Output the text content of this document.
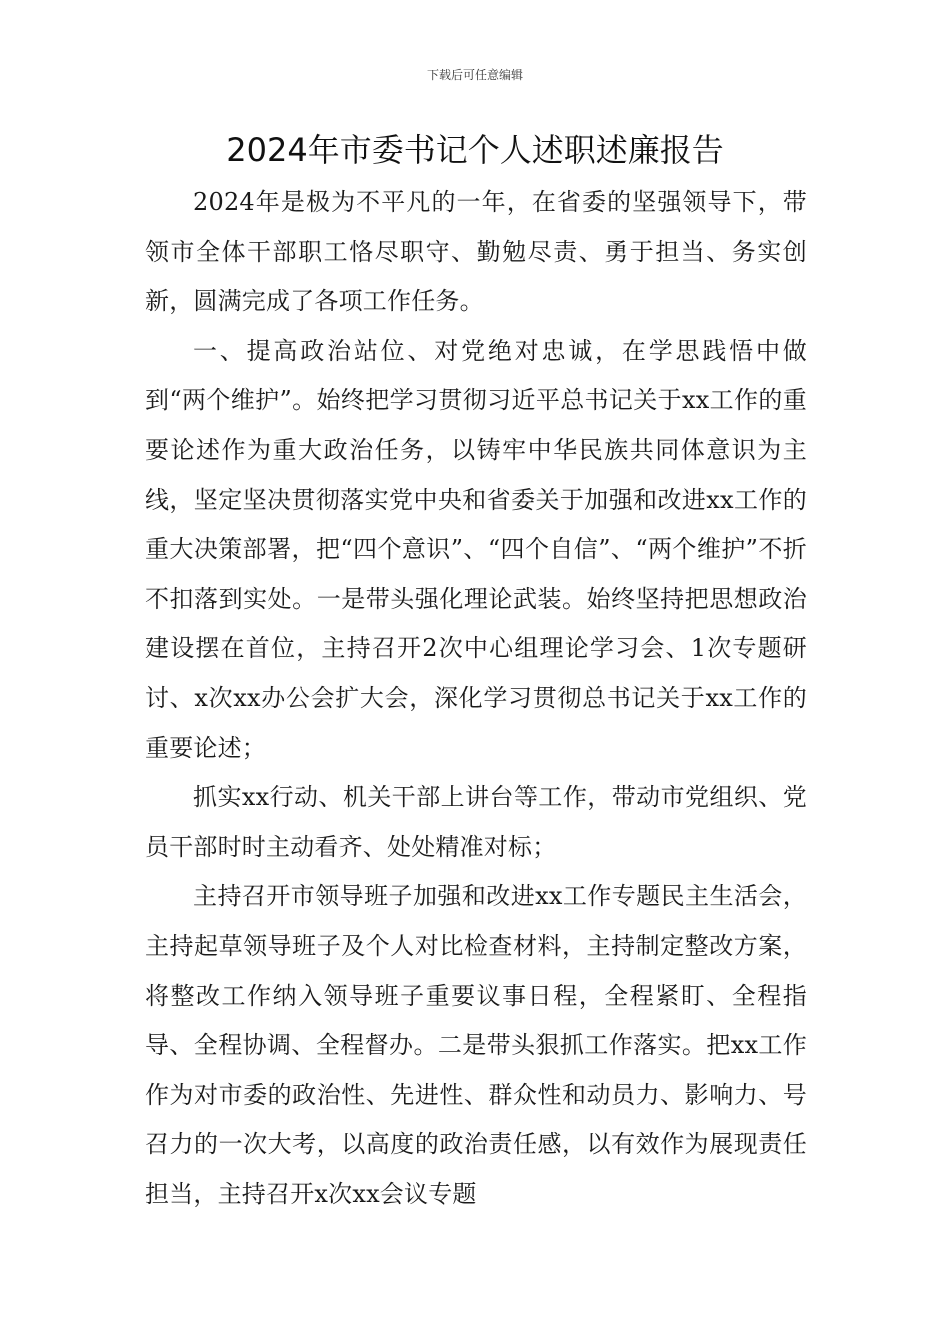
下载后可任意编辑
2024年市委书记个人述职述廉报告

2024年是极为不平凡的一年，在省委的坚强领导下，带领市全体干部职工恪尽职守、勤勉尽责、勇于担当、务实创新，圆满完成了各项工作任务。

一、提高政治站位、对党绝对忠诚，在学思践悟中做到“两个维护”。始终把学习贯彻习近平总书记关于xx工作的重要论述作为重大政治任务，以铸牢中华民族共同体意识为主线，坚定坚决贯彻落实党中央和省委关于加强和改进xx工作的重大决策部署，把“四个意识”、“四个自信”、“两个维护”不折不扣落到实处。一是带头强化理论武装。始终坚持把思想政治建设摆在首位，主持召开2次中心组理论学习会、1次专题研讨、x次xx办公会扩大会，深化学习贯彻总书记关于xx工作的重要论述；

抓实xx行动、机关干部上讲台等工作，带动市党组织、党员干部时时主动看齐、处处精准对标；

主持召开市领导班子加强和改进xx工作专题民主生活会，主持起草领导班子及个人对比检查材料，主持制定整改方案，将整改工作纳入领导班子重要议事日程，全程紧盯、全程指导、全程协调、全程督办。二是带头狠抓工作落实。把xx工作作为对市委的政治性、先进性、群众性和动员力、影响力、号召力的一次大考，以高度的政治责任感，以有效作为展现责任担当，主持召开x次xx会议专题
